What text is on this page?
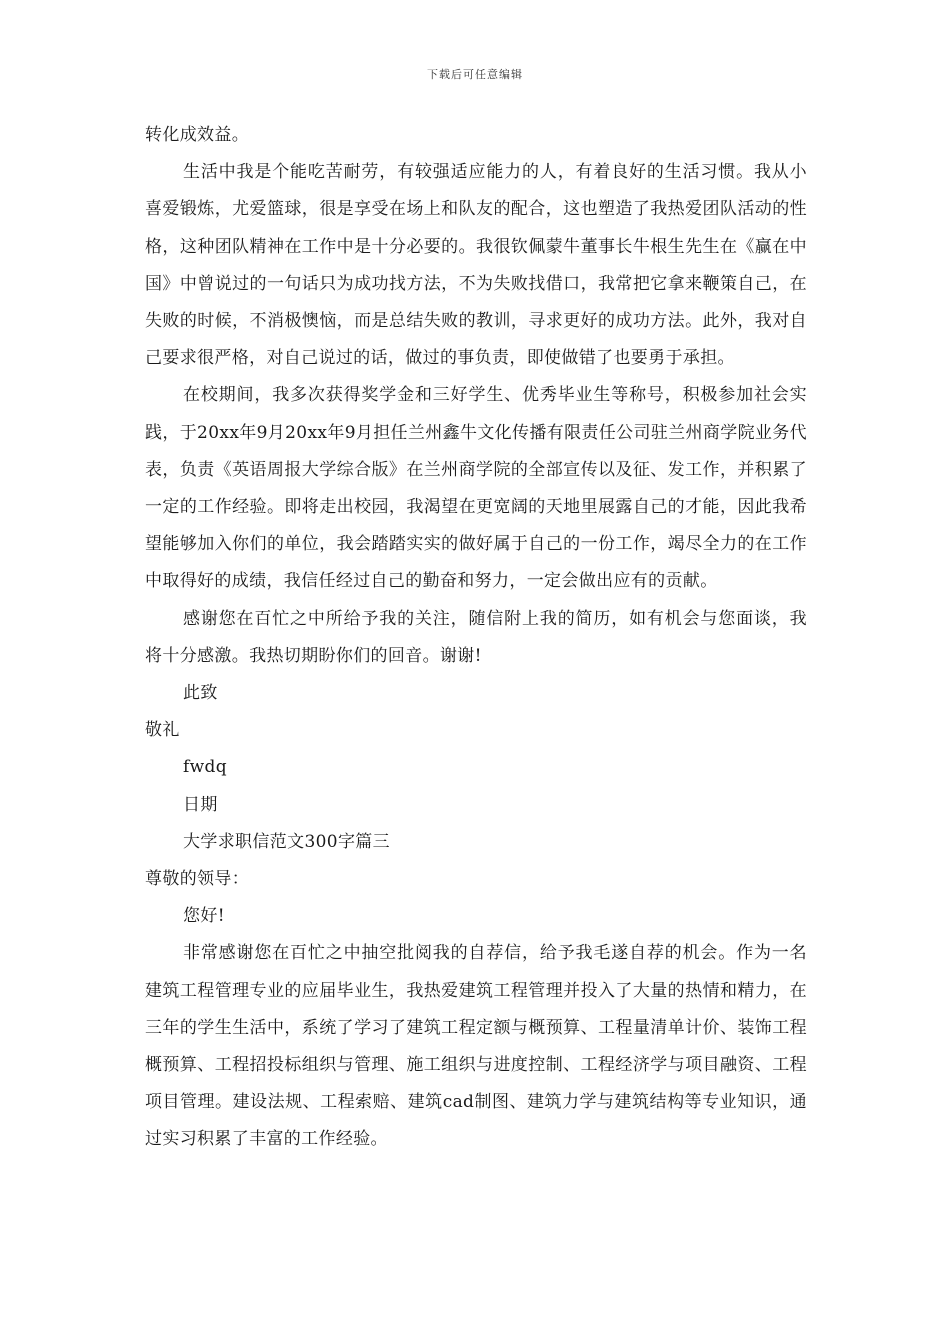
下载后可任意编辑

转化成效益。

生活中我是个能吃苦耐劳，有较强适应能力的人，有着良好的生活习惯。我从小喜爱锻炼，尤爱篮球，很是享受在场上和队友的配合，这也塑造了我热爱团队活动的性格，这种团队精神在工作中是十分必要的。我很钦佩蒙牛董事长牛根生先生在《赢在中国》中曾说过的一句话只为成功找方法，不为失败找借口，我常把它拿来鞭策自己，在失败的时候，不消极懊恼，而是总结失败的教训，寻求更好的成功方法。此外，我对自己要求很严格，对自己说过的话，做过的事负责，即使做错了也要勇于承担。

在校期间，我多次获得奖学金和三好学生、优秀毕业生等称号，积极参加社会实践，于20xx年9月20xx年9月担任兰州鑫牛文化传播有限责任公司驻兰州商学院业务代表，负责《英语周报大学综合版》在兰州商学院的全部宣传以及征、发工作，并积累了一定的工作经验。即将走出校园，我渴望在更宽阔的天地里展露自己的才能，因此我希望能够加入你们的单位，我会踏踏实实的做好属于自己的一份工作，竭尽全力的在工作中取得好的成绩，我信任经过自己的勤奋和努力，一定会做出应有的贡献。

感谢您在百忙之中所给予我的关注，随信附上我的简历，如有机会与您面谈，我将十分感激。我热切期盼你们的回音。谢谢!

此致

敬礼

fwdq

日期

大学求职信范文300字篇三

尊敬的领导：

您好!

非常感谢您在百忙之中抽空批阅我的自荐信，给予我毛遂自荐的机会。作为一名建筑工程管理专业的应届毕业生，我热爱建筑工程管理并投入了大量的热情和精力，在三年的学生生活中，系统了学习了建筑工程定额与概预算、工程量清单计价、装饰工程概预算、工程招投标组织与管理、施工组织与进度控制、工程经济学与项目融资、工程项目管理。建设法规、工程索赔、建筑cad制图、建筑力学与建筑结构等专业知识，通过实习积累了丰富的工作经验。
